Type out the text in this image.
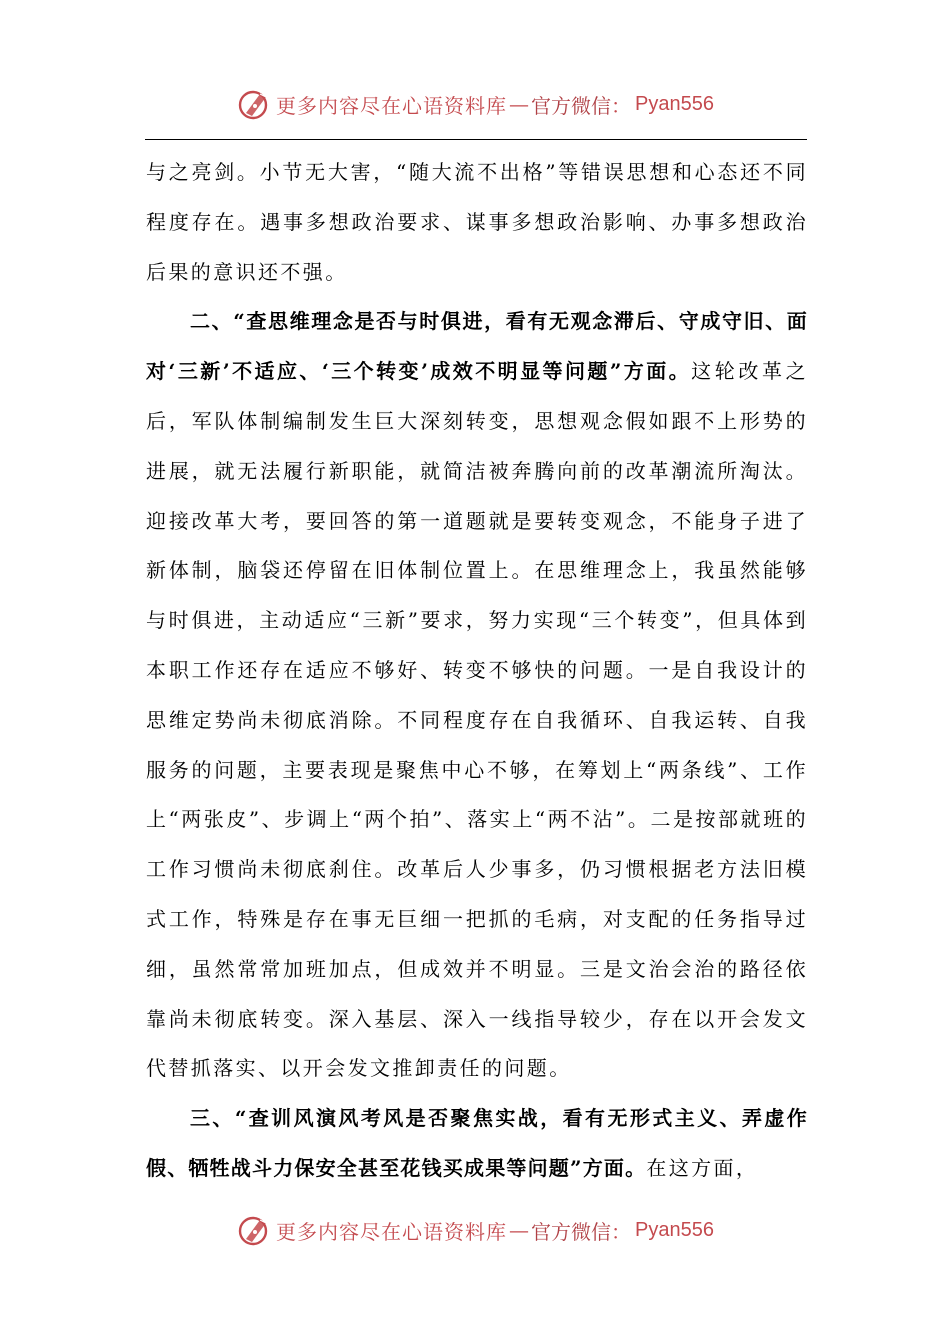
更多内容尽在心语资料库 — 官方微信 ： Pyan556

与之亮剑。小节无大害，“随大流不出格”等错误思想和心态还不同程度存在。遇事多想政治要求、谋事多想政治影响、办事多想政治后果的意识还不强。

二、“查思维理念是否与时俱进，看有无观念滞后、守成守旧、面对‘三新’不适应、‘三个转变’成效不明显等问题”方面。这轮改革之后，军队体制编制发生巨大深刻转变，思想观念假如跟不上形势的进展，就无法履行新职能，就简洁被奔腾向前的改革潮流所淘汰。迎接改革大考，要回答的第一道题就是要转变观念，不能身子进了新体制，脑袋还停留在旧体制位置上。在思维理念上，我虽然能够与时俱进，主动适应“三新”要求，努力实现“三个转变”，但具体到本职工作还存在适应不够好、转变不够快的问题。一是自我设计的思维定势尚未彻底消除。不同程度存在自我循环、自我运转、自我服务的问题，主要表现是聚焦中心不够，在筹划上“两条线”、工作上“两张皮”、步调上“两个拍”、落实上“两不沾”。二是按部就班的工作习惯尚未彻底刹住。改革后人少事多，仍习惯根据老方法旧模式工作，特殊是存在事无巨细一把抓的毛病，对支配的任务指导过细，虽然常常加班加点，但成效并不明显。三是文治会治的路径依靠尚未彻底转变。深入基层、深入一线指导较少，存在以开会发文代替抓落实、以开会发文推卸责任的问题。

三、“查训风演风考风是否聚焦实战，看有无形式主义、弄虚作假、牺牲战斗力保安全甚至花钱买成果等问题”方面。在这方面，

更多内容尽在心语资料库 — 官方微信 ： Pyan556
